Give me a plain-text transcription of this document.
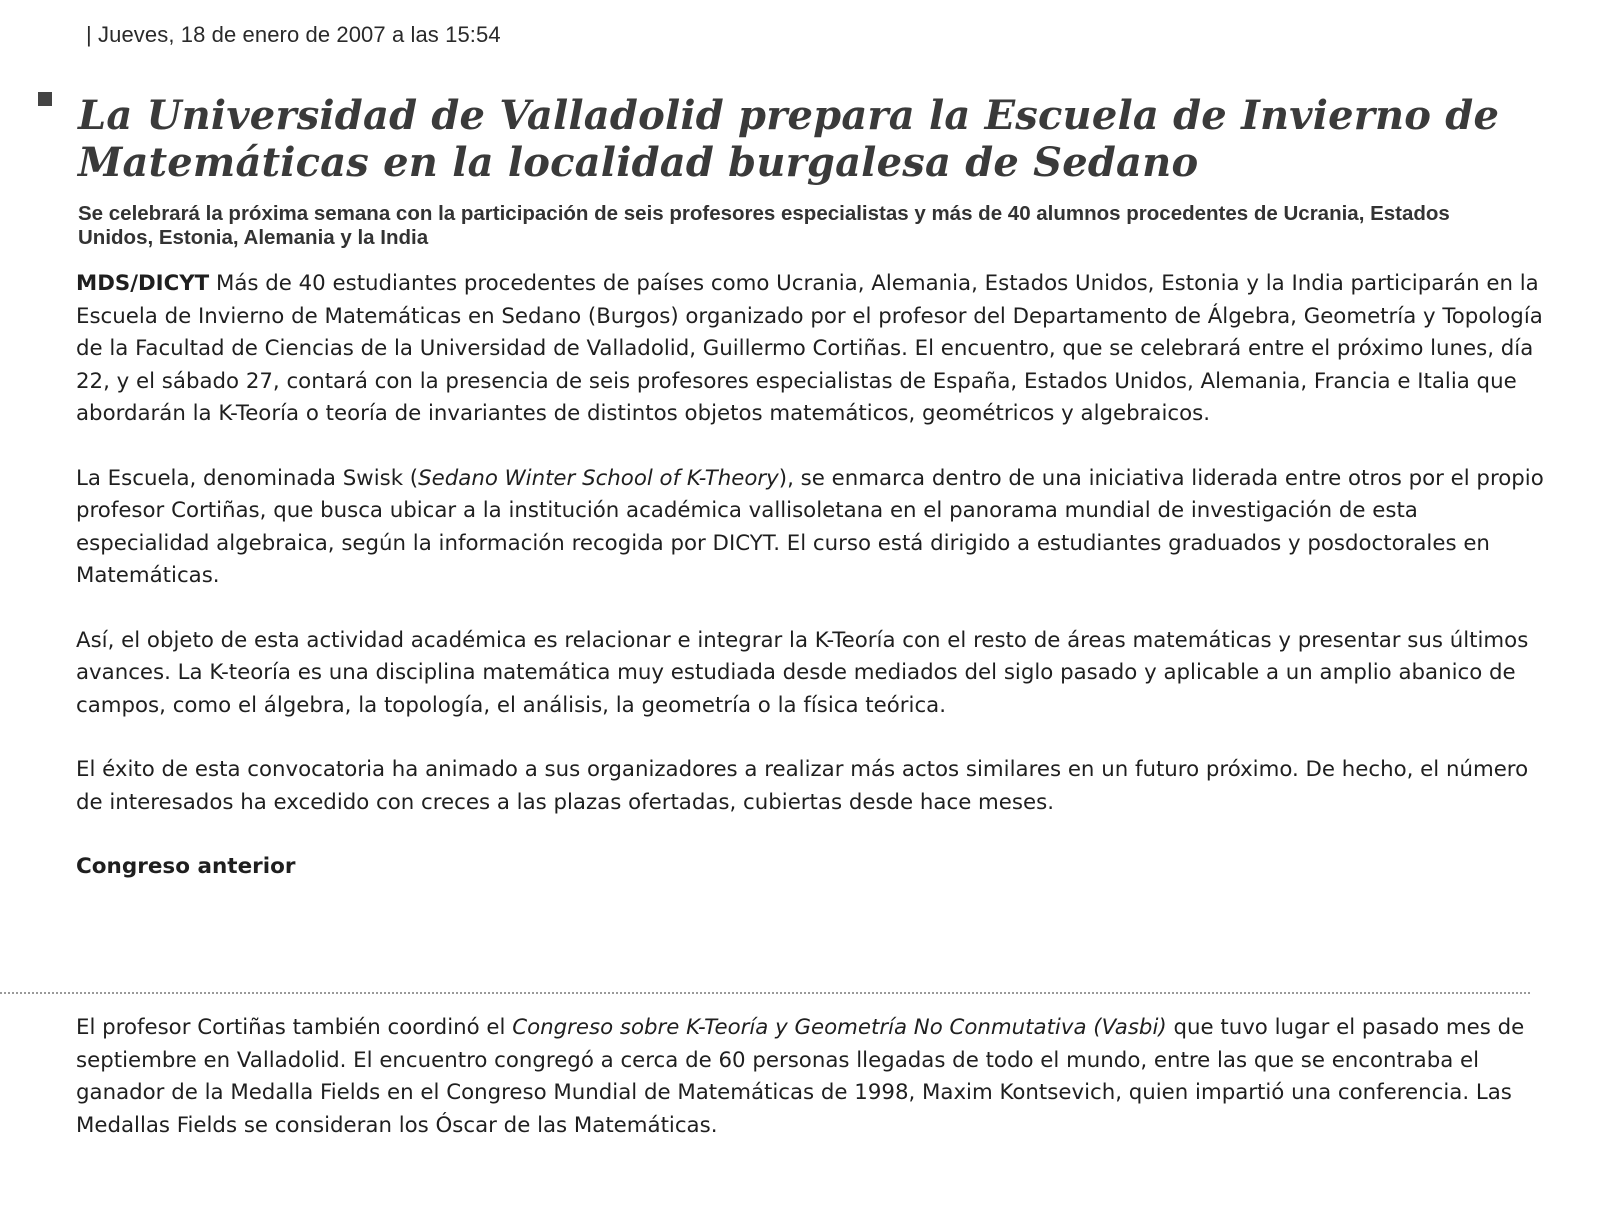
| Jueves, 18 de enero de 2007 a las 15:54
La Universidad de Valladolid prepara la Escuela de Invierno de Matemáticas en la localidad burgalesa de Sedano

Se celebrará la próxima semana con la participación de seis profesores especialistas y más de 40 alumnos procedentes de Ucrania, Estados Unidos, Estonia, Alemania y la India

MDS/DICYT Más de 40 estudiantes procedentes de países como Ucrania, Alemania, Estados Unidos, Estonia y la India participarán en la Escuela de Invierno de Matemáticas en Sedano (Burgos) organizado por el profesor del Departamento de Álgebra, Geometría y Topología de la Facultad de Ciencias de la Universidad de Valladolid, Guillermo Cortiñas. El encuentro, que se celebrará entre el próximo lunes, día 22, y el sábado 27, contará con la presencia de seis profesores especialistas de España, Estados Unidos, Alemania, Francia e Italia que abordarán la K-Teoría o teoría de invariantes de distintos objetos matemáticos, geométricos y algebraicos.

La Escuela, denominada Swisk (Sedano Winter School of K-Theory), se enmarca dentro de una iniciativa liderada entre otros por el propio profesor Cortiñas, que busca ubicar a la institución académica vallisoletana en el panorama mundial de investigación de esta especialidad algebraica, según la información recogida por DICYT. El curso está dirigido a estudiantes graduados y posdoctorales en Matemáticas.

Así, el objeto de esta actividad académica es relacionar e integrar la K-Teoría con el resto de áreas matemáticas y presentar sus últimos avances. La K-teoría es una disciplina matemática muy estudiada desde mediados del siglo pasado y aplicable a un amplio abanico de campos, como el álgebra, la topología, el análisis, la geometría o la física teórica.

El éxito de esta convocatoria ha animado a sus organizadores a realizar más actos similares en un futuro próximo. De hecho, el número de interesados ha excedido con creces a las plazas ofertadas, cubiertas desde hace meses.

Congreso anterior

El profesor Cortiñas también coordinó el Congreso sobre K-Teoría y Geometría No Conmutativa (Vasbi) que tuvo lugar el pasado mes de septiembre en Valladolid. El encuentro congregó a cerca de 60 personas llegadas de todo el mundo, entre las que se encontraba el ganador de la Medalla Fields en el Congreso Mundial de Matemáticas de 1998, Maxim Kontsevich, quien impartió una conferencia. Las Medallas Fields se consideran los Óscar de las Matemáticas.
